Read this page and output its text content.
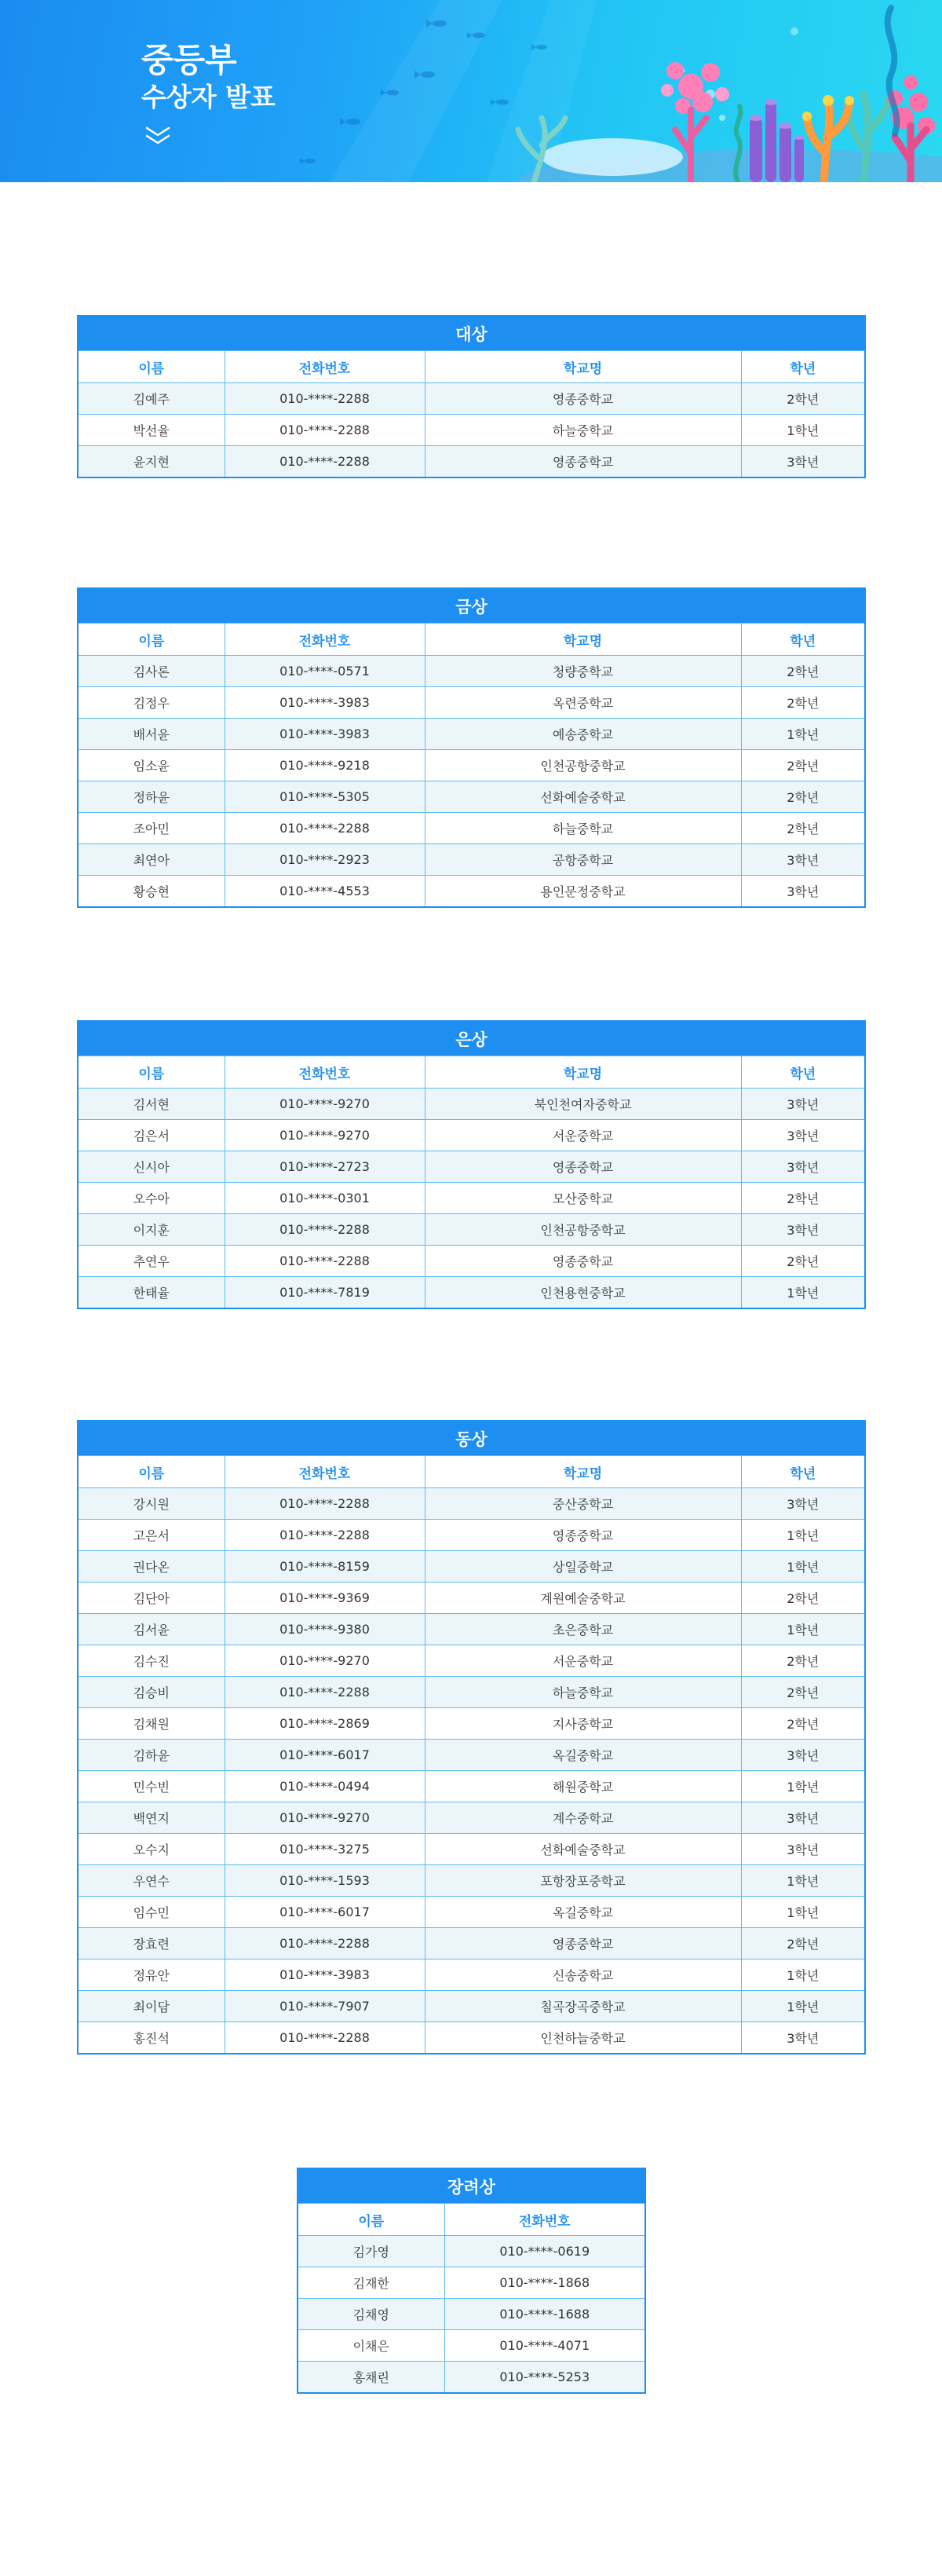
중등부
수상자 발표
대상			
이름	전화번호	학교명	학년
김예주	010-****-2288	영종중학교	2학년
박선율	010-****-2288	하늘중학교	1학년
윤지현	010-****-2288	영종중학교	3학년
금상			
이름	전화번호	학교명	학년
김사론	010-****-0571	청량중학교	2학년
김정우	010-****-3983	옥련중학교	2학년
배서윤	010-****-3983	예송중학교	1학년
임소윤	010-****-9218	인천공항중학교	2학년
정하윤	010-****-5305	선화예술중학교	2학년
조아민	010-****-2288	하늘중학교	2학년
최연아	010-****-2923	공항중학교	3학년
황승현	010-****-4553	용인문정중학교	3학년
은상			
이름	전화번호	학교명	학년
김서현	010-****-9270	북인천여자중학교	3학년
김은서	010-****-9270	서운중학교	3학년
신시아	010-****-2723	영종중학교	3학년
오수아	010-****-0301	모산중학교	2학년
이지훈	010-****-2288	인천공항중학교	3학년
추연우	010-****-2288	영종중학교	2학년
한태율	010-****-7819	인천용현중학교	1학년
동상			
이름	전화번호	학교명	학년
강시원	010-****-2288	중산중학교	3학년
고은서	010-****-2288	영종중학교	1학년
권다온	010-****-8159	상일중학교	1학년
김단아	010-****-9369	계원예술중학교	2학년
김서윤	010-****-9380	초은중학교	1학년
김수진	010-****-9270	서운중학교	2학년
김승비	010-****-2288	하늘중학교	2학년
김채원	010-****-2869	지사중학교	2학년
김하윤	010-****-6017	옥길중학교	3학년
민수빈	010-****-0494	해원중학교	1학년
백연지	010-****-9270	계수중학교	3학년
오수지	010-****-3275	선화예술중학교	3학년
우연수	010-****-1593	포항장포중학교	1학년
임수민	010-****-6017	옥길중학교	1학년
장효련	010-****-2288	영종중학교	2학년
정유안	010-****-3983	신송중학교	1학년
최이담	010-****-7907	칠곡장곡중학교	1학년
홍진석	010-****-2288	인천하늘중학교	3학년
장려상	
이름	전화번호
김가영	010-****-0619
김재한	010-****-1868
김채영	010-****-1688
이채은	010-****-4071
홍채린	010-****-5253
